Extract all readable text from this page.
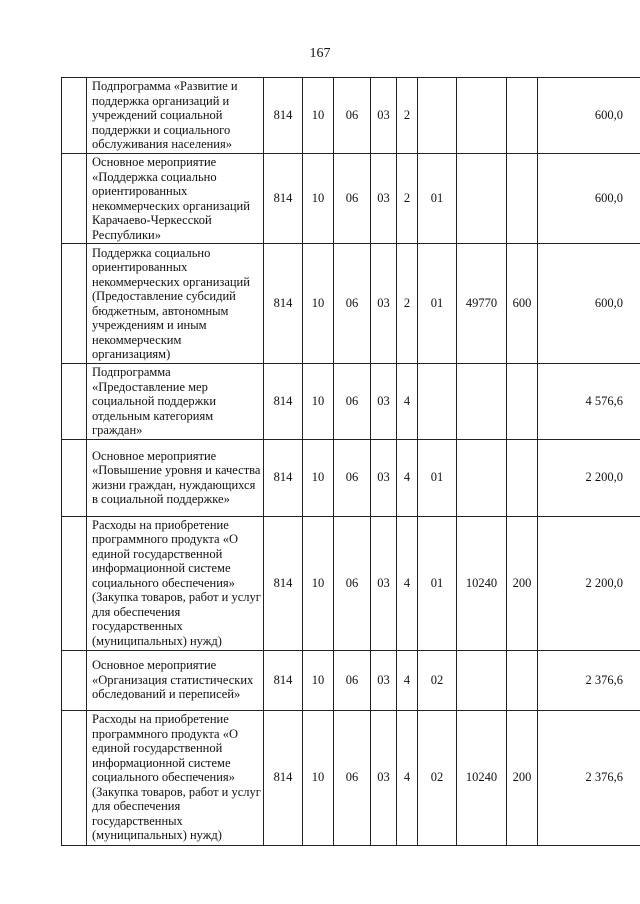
167
	Подпрограмма «Развитие и поддержка организаций и учреждений социальной поддержки и социального обслуживания населения»	814	10	06	03	2				600,0
	Основное мероприятие «Поддержка социально ориентированных некоммерческих организаций Карачаево-Черкесской Республики»	814	10	06	03	2	01			600,0
	Поддержка социально ориентированных некоммерческих организаций (Предоставление субсидий бюджетным, автономным учреждениям и иным некоммерческим организациям)	814	10	06	03	2	01	49770	600	600,0
	Подпрограмма «Предоставление мер социальной поддержки отдельным категориям граждан»	814	10	06	03	4				4 576,6
	Основное мероприятие «Повышение уровня и качества жизни граждан, нуждающихся в социальной поддержке»	814	10	06	03	4	01			2 200,0
	Расходы на приобретение программного продукта «О единой государственной информационной системе социального обеспечения» (Закупка товаров, работ и услуг для обеспечения государственных (муниципальных) нужд)	814	10	06	03	4	01	10240	200	2 200,0
	Основное мероприятие «Организация статистических обследований и переписей»	814	10	06	03	4	02			2 376,6
	Расходы на приобретение программного продукта «О единой государственной информационной системе социального обеспечения» (Закупка товаров, работ и услуг для обеспечения государственных (муниципальных) нужд)	814	10	06	03	4	02	10240	200	2 376,6
